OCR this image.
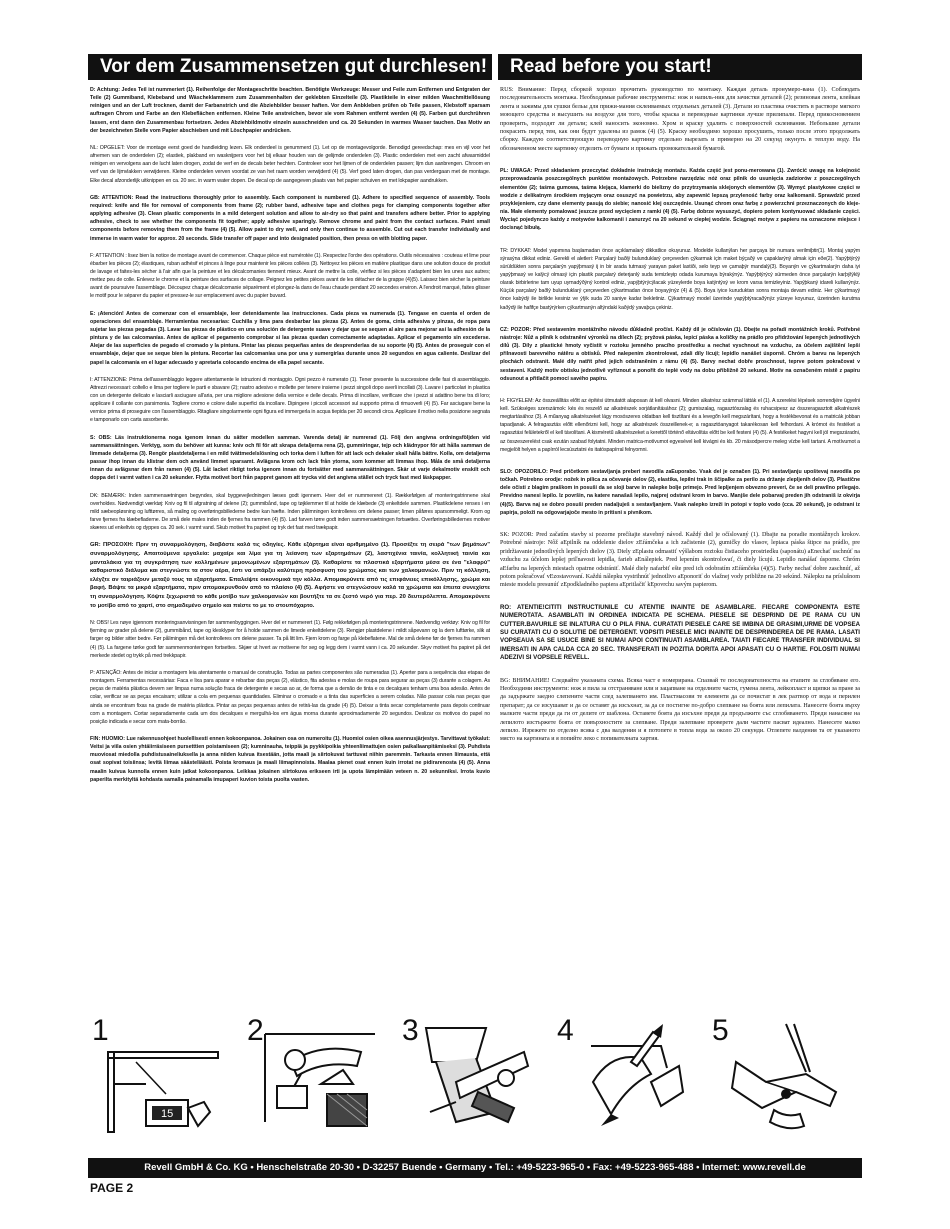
Vor dem Zusammensetzen gut durchlesen!	Read before you start!

D: Achtung: Jedes Teil ist nummeriert (1). Reihenfolge der Montageschritte beachten. Benötigte Werkzeuge: Messer und Feile zum Entfernen und Entgraten der Teile (2) Gummiband, Klebeband und Wäscheklammern zum Zusammenhalten der geklebten Einzelteile (3). Plastikteile in einer milden Waschmittellösung reinigen und an der Luft trocknen, damit der Farbanstrich und die Abziehbilder besser haften. Vor dem Anbkleben prüfen ob Teile passen, Klebstoff sparsam auftragen Chrom und Farbe an den Klebeflächen entfernen. Kleine Teile anstreichen, bevor sie vom Rahmen entfernt werden (4) (5). Farben gut durchrühren lassen, erst dann den Zusammenbau fortsetzen. Jedes Abziehbildmotiv einzeln ausschneiden und ca. 20 Sekunden in warmes Wasser tauchen. Das Motiv an der bezeichneten Stelle vom Papier abschieben und mit Löschpapier andrücken.

NL: OPGELET: Voor de montage eerst goed de handleiding lezen. Elk onderdeel is genummerd (1). Let op de montagevolgorde. Benodigd gereedschap: mes en vijl voor het afnemen van de onderdelen (2); elastiek, plakband en wasknijpers voor het bij elkaar houden van de gelijmde onderdelen (3). Plastic onderdelen met een zacht afwasmiddel reinigen en vervolgens aan de lucht laten drogen, zodat de verf en de decals beter hechten. Controleer voor het lijmen of de onderdelen passen; lijm dun aanbrengen. Chroom en verf van de lijmvlakken verwijderen. Kleine onderdelen verven voordat ze van het raam worden verwijderd (4) (5). Verf goed laten drogen, dan pas verdergaan met de montage. Elke decal afzonderlijk uitknippen en ca. 20 sec. in warm water dopen. De decal op de aangegeven plaats van het papier schuiven en met lokpapier aandrukken.

GB: ATTENTION: Read the instructions thoroughly prior to assembly. Each component is numbered (1). Adhere to specified sequence of assembly. Tools required: knife and file for removal of components from frame (2); rubber band, adhesive tape and clothes pegs for clamping components together after applying adhesive (3). Clean plastic components in a mild detergent solution and allow to air-dry so that paint and transfers adhere better. Prior to applying adhesive, check to see whether the components fit together; apply adhesive sparingly. Remove chrome and paint from the contact surfaces. Paint small components before removing them from the frame (4) (5). Allow paint to dry well, and only then continue to assemble. Cut out each transfer individually and immerse in warm water for approx. 20 seconds. Slide transfer off paper and into designated position, then press on with blotting paper.

F: ATTENTION : lisez bien la notice de montage avant de commencer. Chaque pièce est numérotée (1). Respectez l'ordre des opérations. Outils nécessaires : couteau et lime pour ébarber les pièces (2); élastiques, ruban adhésif et pinces à linge pour maintenir les pièces collées (3). Nettoyez les pièces en matière plastique dans une solution douce de produit de lavage et faites-les sécher à l'air afin que la peinture et les décalcomanies tiennent mieux. Avant de mettre la colle, vérifiez si les pièces s'adaptent bien les unes aux autres; mettez peu de colle. Enlevez le chrome et la peinture des surfaces de collage. Peignez les petites pièces avant de les détacher de la grappe (4)(5). Laissez bien sécher la peinture avant de poursuivre l'assemblage. Découpez chaque décalcomanie séparément et plongez-la dans de l'eau chaude pendant 20 secondes environ. A l'endroit marqué, faites glisser le motif pour le séparer du papier et pressez-le sur emplacement avec du papier buvard.

E: ¡Atención! Antes de comenzar con el ensamblaje, leer detenidamente las instrucciones. Cada pieza va numerada (1). Tengase en cuenta el orden de operaciones del ensamblaje. Herramientas necesarias: Cuchilla y lima para desbarbar las piezas (2). Antes de goma, cinta adhesiva y pinzas, de ropa para sujetar las piezas pegadas (3). Lavar las piezas de plástico en una solución de detergente suave y dejar que se sequen al aire para mejorar así la adhesión de la pintura y de las calcomanías. Antes de aplicar el pegamento comprobar si las piezas quedan correctamente adaptadas. Aplicar el pegamento sin excederse. Alejar de las superficies de pegado el cromado y la pintura. Pintar las piezas pequeñas antes de desprenderlas de su soporte (4) (5). Antes de proseguir con el ensamblaje, dejar que se seque bien la pintura. Recortar las calcomanías una por una y sumergirlas durante unos 20 segundos en agua caliente. Deslizar del papel la calcomanía en el lugar adecuado y apretarla colocando encima de ella papel secante.

I: ATTENZIONE: Prima dell'assemblaggio leggere attentamente le istruzioni di montaggio. Ogni pezzo è numerato (1). Tener presente la successione delle fasi di assemblaggio. Attrezzi necessari: coltello e lima per togliere le parti e sbavare (2); nastro adesivo e mollette per tenere insieme i pezzi singoli dopo averli incollati (3). Lavare i particolari in plastica con un detergente delicato e lasciarli asciugare all'aria, per una migliore adesione della vernice e delle decals. Prima di incollare, verificare che i pezzi si adattino bene tra di loro; applicare il collante con parsimonia. Togliere cromo e colore dalle superfici da incollare. Dipingere i piccoli accessori sul supporto prima di rimuoverli (4) (5). Far asciugare bene la vernice prima di proseguire con l'assemblaggio. Ritagliare singolarmente ogni figura ed immergerla in acqua tiepida per 20 secondi circa. Applicare il motivo nella posizione segnata e tamponarlo con carta assorbente.

S: OBS: Läs instruktionerna noga igenom innan du sätter modellen samman. Varenda detalj är numrerad (1). Följ den angivna ordningsföljden vid sammansättningen. Verktyg, som du behöver att kunna: kniv och fil för att skrapa detaljerna rena (2), gummiringar, tejp och klädnypor för att hålla samman de limmade detaljerna (3). Rengör plastdetaljerna i en mild tvättmedelslösning och torka dem i luften för att lack och dekaler skall hålla bättre. Kolla, om detaljerna passar ihop innan du klistrar dem och använd limmet sparsamt. Avlägsna krom och lack från ytorna, som kommer att limmas ihop. Måla de små detaljerna innan du avlägsnar dem från ramen (4) (5). Låt lacket riktigt torka igenom innan du fortsätter med sammansättningen. Skär ut varje dekalmotiv enskilt och doppa det i varmt vatten i ca 20 sekunder. Flytta motivet bort från pappret ganom att trycka vid det angivna stället och tryck fast med läskpapper.

DK: BEMÆRK: Inden sammensætningen begyndes, skal byggevejledningen læses godt igennem. Hver del er nummereret (1). Rækkefølgen af monteringstrinnene skal overholdes. Nødvendigt værktøj: Kniv og fil til afgratning af delene (2); gummibånd, tape og tøjklemmer til at holde de klæbede (3) enkeltdele sammen. Plastikdelene renses i en mild sæbeopløsning og lufttørres, så maling og overføringsbillederne bedre kan hæfte. Inden pålimningen kontrolleres om delene passer; limen påføres sparsommeligt. Krom og farve fjernes fra klæbefladerne. De små dele males inden de fjernes fra rammen (4) (5). Lad farven tørre godt inden sammensætningen fortsættes. Overføringsbilledernes motiver skæres ud enkeltvis og dyppes ca. 20 sek. i varmt vand. Skub motivet fra papiret og tryk det fast med trækpapir.

GR: ΠΡΟΣΟΧΗ: Πριν τη συναρμολόγηση, διαβάστε καλά τις οδηγίες. Κάθε εξάρτημα είναι αριθμημένο (1). Προσέξτε τη σειρά "των βημάτων" συναρμολόγησης. Απαιτούμενα εργαλεία: μαχαίρι και λίμα για τη λείανση των εξαρτημάτων (2), λαστιχένια ταινία, κολλητική ταινία και μανταλάκια για τη συγκράτηση των κολλημένων μεμονωμένων εξαρτημάτων (3). Καθαρίστε τα πλαστικά εξαρτήματα μέσα σε ένα "ελαφρύ" καθαριστικό διάλυμα και στεγνώστε τα στον αέρα, έστι να υπάρξει καλύτερη πρόσφυση του χρώματος και των χαλκομανιών. Πριν τη κόλληση, ελέγξτε αν ταιριάζουν μεταξύ τους τα εξαρτήματα. Επαλείψτε οικονομικά την κόλλα. Απομακρύνετε από τις επιφάνειες επικόλλησης, χρώμα και βαφή. Βάψτε τα μικρά εξαρτήματα, πριν απομακρυνθούν από το πλαίσιο (4) (5). Αφήστε να στεγνώσουν καλά τα χρώματα και έπειτα συνεχίστε τη συναρμολόγηση. Κόψτε ξεχωριστά το κάθε μοτίβο των χαλκομανιών και βουτήξτε τα σε ζεστό νερό για περ. 20 δευτερόλεπτα. Απομακρύνετε το μοτίβο από το χαρτί, στο σημαδεμένο σημείο και πιέστε το με το στουπόχαρτο.

N: OBS! Les nøye igjennom monteringsanvisningen før sammenbyggingen. Hver del er nummerert (1). Følg rekkefølgen på monteringstrinnene. Nødvendig verktøy: Kniv og fil for fjerning av grader på delene (2), gummibånd, tape og klesklyper for å holde sammen de limede enkeltdelene (3). Rengjør plastdelene i mildt såpevann og la dem lufttørke, slik at farger og bilder sitter bedre. Før pålimingen må det kontrolleres om delene passer. Ta på litt lim. Fjern krom og farge på klebeflatene. Mal de små delene før de fjernes fra rammen (4) (5). La fargene tørke godt før sammenmonteringen fortsettes. Skjær ut hvert av motivene for seg og legg dem i varmt vann i ca. 20 sekunder. Skyv motivet fra papiret på det merkede stedet og trykk på med trekkpapir.

P: ATENÇÃO: Antes de iniciar a montagem leia atentamente o manual de construção. Todas as partes componentes são numeradas (1). Aperter para a sequência das etapas de montagem. Ferramentas necessárias: Faca e lixa para aparar e rebarbar das peças (2), elástico, fita adesiva e molas de roupa para segurar as peças (3) durante a colagem. As peças de matéria plástica devem ser limpas numa solução fraca de detergente e secas ao ar, de forma que a demão de tinta e os decalques tenham uma boa adesão. Antes de colar, verificar se as peças encaixam; utilizar a cola em pequenas quantidades. Eliminar o cromado e a tinta das superfícies a serem coladas. Não passar cola nas peças que ainda se encontram fixas na grade de matéria plástica. Pintar as peças pequenas antes de retirá-las da grade (4) (5). Deixar a tinta secar completamente para depois continuar com a montagem. Cortar separadamente cada um dos decalques e mergulhá-los em água morna durante aproximadamente 20 segundos. Deslizar os motivos do papel no posição indicada e secar com mata-borrão.

FIN: HUOMIO: Lue rakennusohjeet huolellisesti ennen kokoonpanoa. Jokainen osa on numeroitu (1). Huomioi osien oikea asennusjärjestys. Tarvittavat työkalut: Veitsi ja viila osien yhtäiirräsiseen pursetttien poistamiseen (2); kumninauha, teippiä ja pyykkipoikia yhteenliimattujen osien paikallaanpitämiseksi (3). Puhdista muoviosat miedolla puhdistusaineliuksella ja anna niiden kuivua itsestään, jotta maali ja siirtokuvat tarttuvat niihin paremmin. Tarkasta ennen liimausta, että osat sopivat toisiinsa; levitä liimaa säästeliäästi. Poista kromaus ja maali liimapinnoista. Maalaa pienet osat ennen kuin irrotat ne pidirarenosta (4) (5). Anna maalin kuivua kunnolla ennen kuin jatkat kokoonpanoa. Leikkaa jokainen siirtokuva erikseen irti ja upota lämpimään veteen n. 20 sekunniksi. Irrota kuvio paperilta merkityltä kohdasta samalla painamalla imupaperi kuvion toista puolta vasten.

RUS: Внимание: Перед сборкой хорошо прочитать руководство по монтажу. Каждая деталь пронумеро-вана (1). Соблюдать последовательность монтажа. Необходимые рабочие инструменты: нож и напиль-ник для зачистки деталей (2); резиновая лента, клейкая лента и зажимы для сушки бельы для прижи-мания склеиваемых отдельных деталей (3). Детали из пластика очистить в растворе мягкого моющего средства и высушить на воздухе для того, чтобы краска и переводные картинки лучше прилипали. Перед прикосновением проверить, подходят ли детали; клей наносить экономно. Хром и краску удалить с поверхностей склеивания. Небольшие детали покрасить перед тем, как они будут удалены из рамок (4) (5). Краску необходимо хорошо просушить, только после этого продолжать сборку. Каждую соответствующую переводную картинку отдельно вырезать и примерно на 20 секунд окунуть в теплую воду. На обозначенном месте картинку отделить от бумаги и прижать промокательной бумагой.

PL: UWAGA: Przed składaniem przeczytać dokładnie instrukcję montażu. Każda część jest ponu-merowana (1). Zwrócić uwagę na kolejność przeprowadzania poszczególnych punktów montażowych. Potrzebne narzędzia: nóż oraz pilnik do usunięcia zadziorów z poszczególnych elementów (2); taśma gumowa, taśma klejąca, klamerki do bielizny do przytrzymania sklejonych elementów (3). Wymyć plastykowe części w wodzie z delikatnym środkiem myjącym oraz osuszyć na powietrzu, aby zapewnić lepszą przyleność farby oraz kalkomanii. Sprawdzić przed przyklejeniem, czy dane elementy pasują do siebie; nanosić klej oszczędnie. Usunąć chrom oraz farbę z powierzchni przeznaczonych do kleje-nia. Małe elementy pomalować jeszcze przed wycięciem z ramki (4) (5). Farbę dobrze wysuszyć, dopiero potem kontynuować składanie części. Wyciąć pojedynczo każdy z motywów kalkomanii i zanurzyć na 20 sekund w ciepłej wodzie. Ściągnąć motyw z papieru na oznaczone miejsce i docisnąć bibułą.

TR: DYKKAT: Model yapımına başlamadan önce açıklamalarý dikkatlice okuyunuz. Modelde kullanýlan her parçaya bir numara verilmiþtir(1). Montaj yapým sýrasýna dikkat ediniz. Gerekli el aletleri: Parçalarý baðlý bulunduklarý çerçeveden çýkarmak için maket býçaðý ve çapaklarýný almak için eðe(2). Yapýþtýrýý sürüldükten sonra parçalarýn yapýþmasý ij in bir arada tutmasý yarayan paket lastiði, selo teyp ve çamaþýr mandalý(3). Boyanýn ve çýkartmalarýn daha iyi yapýþmasý ve kalýcý olmasý için plastik parçalarý deterjanlý suda temizleyip odada kurumaya býrakýnýz. Yapýþtýrýcý sürmeden önce parçalarýn karþýlýklý olarak birbirlerine tam uyup uymadýðýný kontrol ediniz, yapýþtýrýcýlacak yüzeylerde boya katýntýsý ve krom varsa temizleyiniz. Yapýþkaný idareli kullanýnýz. Küçük parçalarý baðlý bulunduklarý çerçeveden çýkartmadan önce boyayýnýz (4) & (5). Boya iyice kuruduktan sonra montaja devam ediniz. Her çýkartmayý önce kabýdý ile birlikte kesiniz ve ýlýk suda 20 saniye kadar bekletiniz. Çýkartmayý model üzerinde yapýþtýracaðýnýz yüzeye koyunuz, üzerinden kurutma kaðýdý ile hafifçe bastýrýrken çýkartmanýn altýndaki kaðýdý yavaþça çekiniz.

CZ: POZOR: Před sestavením montážního návodu důkladně pročíst. Každý díl je očíslován (1). Dbejte na pořadí montážních kroků. Potřebné nástroje: Nůž a pilník k odstranění výronků na dílech (2); pryžová páska, lepicí páska a kolíčky na prádlo pro přidržování lepených jednotlivých dílů (3). Díly z plastické hmoty vyčistit v roztoku jemného pracího prostředku a nechat vyschnout na vzduchu, za účelem zajištění lepší přilnavosti barevného nátěru a obtisků. Před nalepením zkontrolovat, zdali díly lícují; lepidlo nanášet úsporně. Chróm a barvu na lepených plochách odstranit. Malé díly natřít před jejich odstraněním z rámu (4) (5). Barvy nechat dobře proschnout, teprve potom pokračovat v sestavení. Každý motiv obtisku jednotlivě vyříznout a ponořit do teplé vody na dobu přibližně 20 sekund. Motiv na označeném místě z papíru odsunout a přitlačit pomocí savého papíru.

H: FIGYELEM: Az összeállítás előtt az építési útmutatót alaposan át kell olvasni. Minden alkatrész számmal látták el (1). A szerelési lépések sorrendjére ügyelni kell. Szükséges szerszámok: kés és reszelő az alkatrészek sorjátlanításához (2); gumiszalag, ragasztószalag és ruhacsipesz az összeragasztott alkatrészek megtartásához (3). A műanyag alkatrészeket lágy mosószeres oldatban kell tisztítani és a levegőn kell megszárítani, hogy a festékbevonat és a matricák jobban tapadjanak. A felragasztás előtt ellenőrizni kell, hogy az alkatrészek összeillenek-e; a ragasztóanyagot takarékosan kell felhordani. A krómot és festéket a ragasztási felületekről el kell távolítani. A kisméretű alkatrészeket a kerettől történő eltávolítás előtt be kell festeni (4) (5). A festékeket hagyni kell jól megszáradni, az összeszerelést csak ezután szabad folytatni. Minden matrica-motívumot egyesével kell kivágni és kb. 20 másodpercre meleg vízbe kell tartani. A motívumot a megjelölt helyen a papírról lecsúsztatni és itatóspapírral felnyomni.

SLO: OPOZORILO: Pred pričetkom sestavljanja preberi navodila zaEuporabo. Vsak del je označen (1). Pri sestavljanju upoštevaj navodila po točkah. Potrebno orodje: nožek in pilica za očevanje delov (2), elastika, lepilni trak in ščipalke za perilo za držanje zlepljenih delov (3). Plastične dele očisti z blagim praškom in posuši da se sloji barve in nalepke bolje primejo. Pred lepljenjem obvezno preveri, če se deli pravilno prilegajo. Previdno nanesi lepilo. Iz površin, na katere nanašaš lepilo, najprej odstrani krom in barvo. Manjše dele pobarvaj preden jih odstraniš iz okvirja (4)(5). Barva naj se dobro posuši preden nadaljuješ s sestavljanjem. Vsak nalepko izreži in potopi v toplo vodo (cca. 20 sekund), jo odstrani iz papirja, položi na odgovarjajoče mesto in pritisni s pivnikom.

SK: POZOR: Pred začatím stavby si pozorne prečítajte stavebný návod. Každý diel je očíslovaný (1). Dbajte na poradie montážnych krokov. Potrebné nástroje: Nôž aEpilník na oddelenie dielov zEŕámčeka a ich začistenie (2), gumičky do vlasov, lepiaca páska štipce na prádlo, pre pridržiavanie jednotlivých lepených dielov (3). Diely zEplastu odmastiť výšlabom roztoku čistiaceho prostriedku (saponátu) aEnechať uschnúť na vzduchu za účelom lepšej priľnavosti lepidla, farieb aEnálepiek. Pred lepením skontrolovať, či diely lícujú. Lepidlo nanášať úsporne. Chróm aEfarbu na lepených miestach opatrne odstrániť. Malé diely nafarbiť ešte pred ich odobratím zEŕámčeka (4)(5). Farby nechať dobre zaschnúť, až potom pokračovať vEzostavovaní. Každú nálepku vystrihnúť jednotlivo aEponoriť do vlažnej vody približne na 20 sekúnd. Nálepku na príslušnom mieste modelu presunúť zEpodkladného papiera aEpritlačiť kEpovrchu savým papierom.

RO: ATENTIE!CITITI INSTRUCTIUNILE CU ATENTIE INAINTE DE ASAMBLARE. FIECARE COMPONENTA ESTE NUMEROTATA. ASAMBLATI IN ORDINEA INDICATA PE SCHEMA. PIESELE SE DESPRIND DE PE RAMA CU UN CUTTER.BAVURILE SE INLATURA CU O PILA FINA. CURATATI PIESELE CARE SE IMBINA DE GRASIMI,URME DE VOPSEA SU CURATATI CU O SOLUTIE DE DETERGENT. VOPSITI PIESELE MICI INAINTE DE DESPRINDEREA DE PE RAMA. LASATI VOPSEAUA SA SE USUCE BINE SI NUMAI APOI CONTINUATI ASAMBLAREA. TAIATI FIECARE TRANSFER INDIVIDUAL SI IMERSATI IN APA CALDA CCA 20 SEC. TRANSFERATI IN POZITIA DORITA APOI APASATI CU O HARTIE. FOLOSITI NUMAI ADEZIVI SI VOPSELE REVELL.

BG: ВНИМАНИЕ! Следвайте указаната схема. Всяка част е номерирана. Спазвай те последователността на етапите за сглобяване его. Необходими инструменти: нож и пила за отстраняване или и зацапване на отделните части, гумена лента, лейкопласт и щипки за пране за да задържате заедно слепените части след залепването им. Пластмасови те елементи да се почистат в лек разтвор от вода и перилен препарат; да се изсушават и да се оставят да изсъхнат, за да се постигне по-добро слепване на боята или лепилата. Нанесете боята върху малките части преди да ги от делите от шаблона. Оставете боята да изсъхне преди да продължите със сглобяването. Преди нанасяне на лепилото изстържете боята от повърхностите за слепване. Преди залепване проверете дали частите пасват идеално. Нанесете малко лепило. Изрежете по отделно всяка с два валдения и я потопете в топла вода за около 20 секунди. Отлепете валдения та от указаното място на картината и я попийте леко с попивателната хартия.

1
15
2	3	4	5
Revell GmbH & Co. KG • Henschelstraße 20-30 • D-32257 Buende • Germany • Tel.: +49-5223-965-0 • Fax: +49-5223-965-488 • Internet: www.revell.de
PAGE 2
